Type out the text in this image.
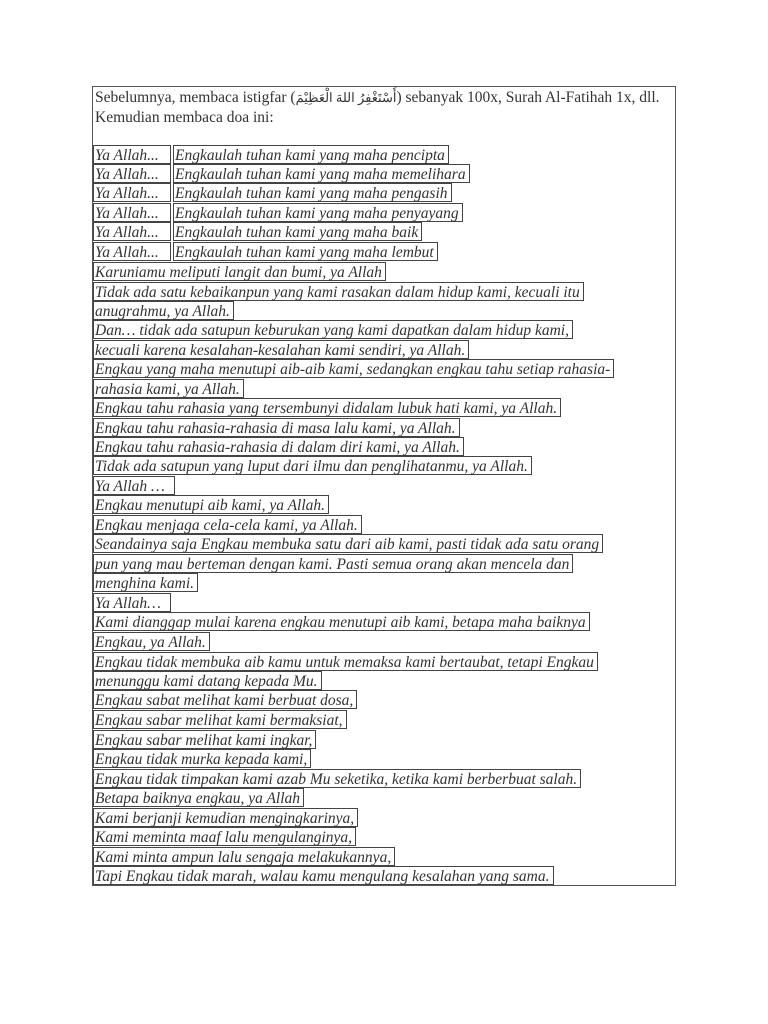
Sebelumnya, membaca istigfar (أَسْتَغْفِرُ اللهَ الْعَظِيْمَ) sebanyak 100x, Surah Al-Fatihah 1x, dll. Kemudian membaca doa ini:
Ya Allah... Engkaulah tuhan kami yang maha pencipta
Ya Allah... Engkaulah tuhan kami yang maha memelihara
Ya Allah... Engkaulah tuhan kami yang maha pengasih
Ya Allah... Engkaulah tuhan kami yang maha penyayang
Ya Allah... Engkaulah tuhan kami yang maha baik
Ya Allah... Engkaulah tuhan kami yang maha lembut
Karuniamu meliputi langit dan bumi, ya Allah
Tidak ada satu kebaikanpun yang kami rasakan dalam hidup kami, kecuali itu
anugrahmu, ya Allah.
Dan… tidak ada satupun keburukan yang kami dapatkan dalam hidup kami,
kecuali karena kesalahan-kesalahan kami sendiri, ya Allah.
Engkau yang maha menutupi aib-aib kami, sedangkan engkau tahu setiap rahasia-
rahasia kami, ya Allah.
Engkau tahu rahasia yang tersembunyi didalam lubuk hati kami, ya Allah.
Engkau tahu rahasia-rahasia di masa lalu kami, ya Allah.
Engkau tahu rahasia-rahasia di dalam diri kami, ya Allah.
Tidak ada satupun yang luput dari ilmu dan penglihatanmu, ya Allah.
Ya Allah …
Engkau menutupi aib kami, ya Allah.
Engkau menjaga cela-cela kami, ya Allah.
Seandainya saja Engkau membuka satu dari aib kami, pasti tidak ada satu orang
pun yang mau berteman dengan kami. Pasti semua orang akan mencela dan
menghina kami.
Ya Allah…
Kami dianggap mulai karena engkau menutupi aib kami, betapa maha baiknya
Engkau, ya Allah.
Engkau tidak membuka aib kamu untuk memaksa kami bertaubat, tetapi Engkau
menunggu kami datang kepada Mu.
Engkau sabat melihat kami berbuat dosa,
Engkau sabar melihat kami bermaksiat,
Engkau sabar melihat kami ingkar,
Engkau tidak murka kepada kami,
Engkau tidak timpakan kami azab Mu seketika, ketika kami berberbuat salah.
Betapa baiknya engkau, ya Allah
Kami berjanji kemudian mengingkarinya,
Kami meminta maaf lalu mengulanginya,
Kami minta ampun lalu sengaja melakukannya,
Tapi Engkau tidak marah, walau kamu mengulang kesalahan yang sama.
